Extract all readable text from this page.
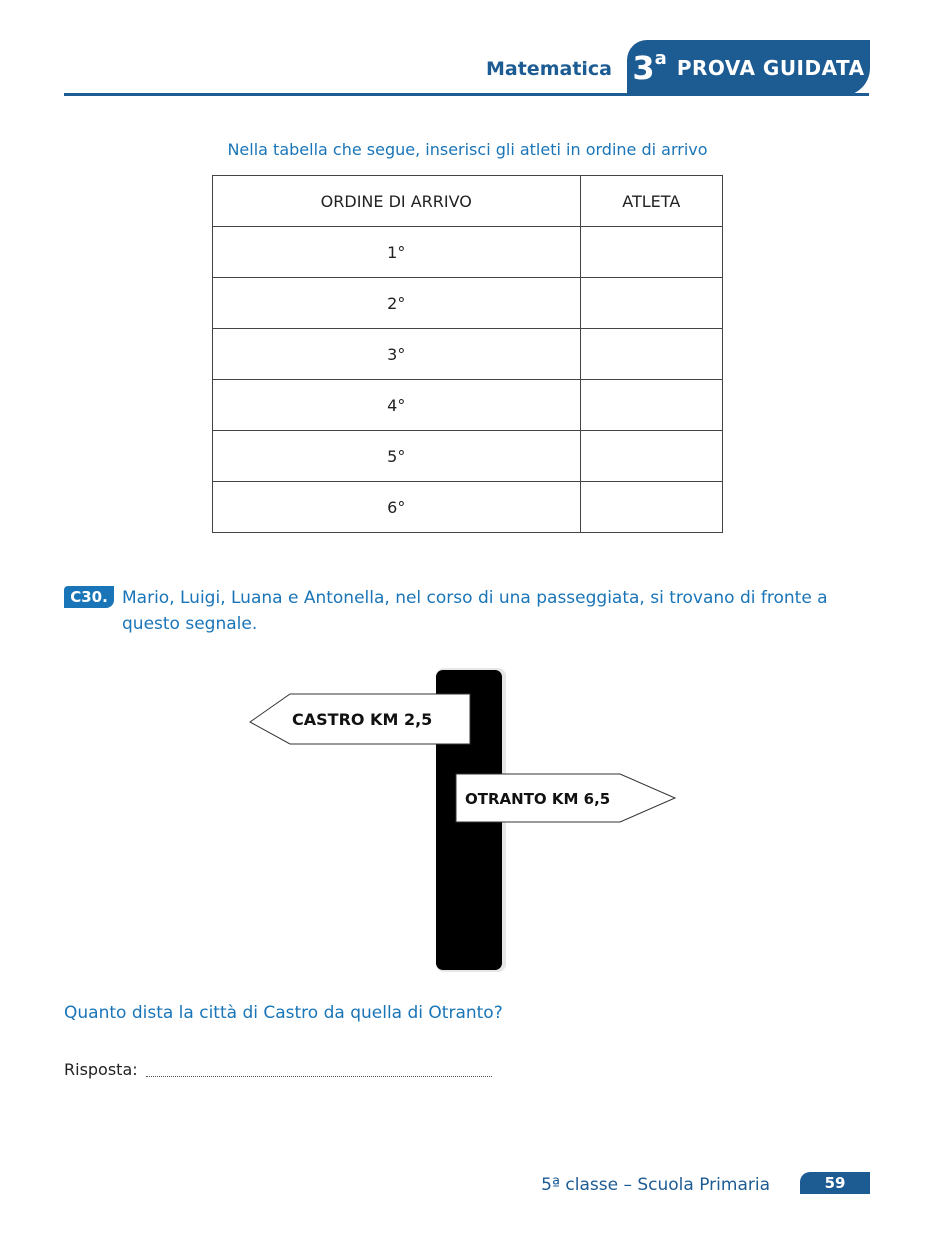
Matematica 3 a PROVA GUIDATA
Nella tabella che segue, inserisci gli atleti in ordine di arrivo
ORDINE DI ARRIVO	ATLETA
1°	
2°	
3°	
4°	
5°	
6°	
C30. Mario, Luigi, Luana e Antonella, nel corso di una passeggiata, si trovano di fronte a questo segnale.
CASTRO KM 2,5
OTRANTO KM 6,5
Quanto dista la città di Castro da quella di Otranto?
Risposta:
5ª classe – Scuola Primaria	59
